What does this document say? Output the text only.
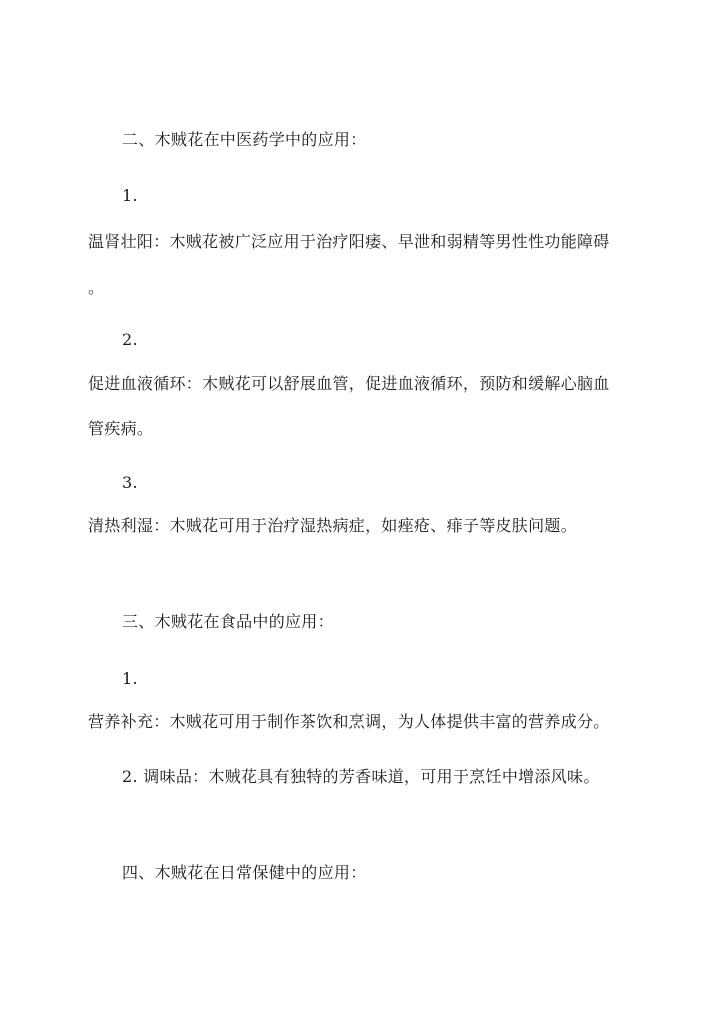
二、木贼花在中医药学中的应用：
1.
温肾壮阳：木贼花被广泛应用于治疗阳痿、早泄和弱精等男性性功能障碍
。
2.
促进血液循环：木贼花可以舒展血管，促进血液循环，预防和缓解心脑血
管疾病。
3.
清热利湿：木贼花可用于治疗湿热病症，如痤疮、痱子等皮肤问题。
三、木贼花在食品中的应用：
1.
营养补充：木贼花可用于制作茶饮和烹调，为人体提供丰富的营养成分。
2. 调味品：木贼花具有独特的芳香味道，可用于烹饪中增添风味。
四、木贼花在日常保健中的应用：
